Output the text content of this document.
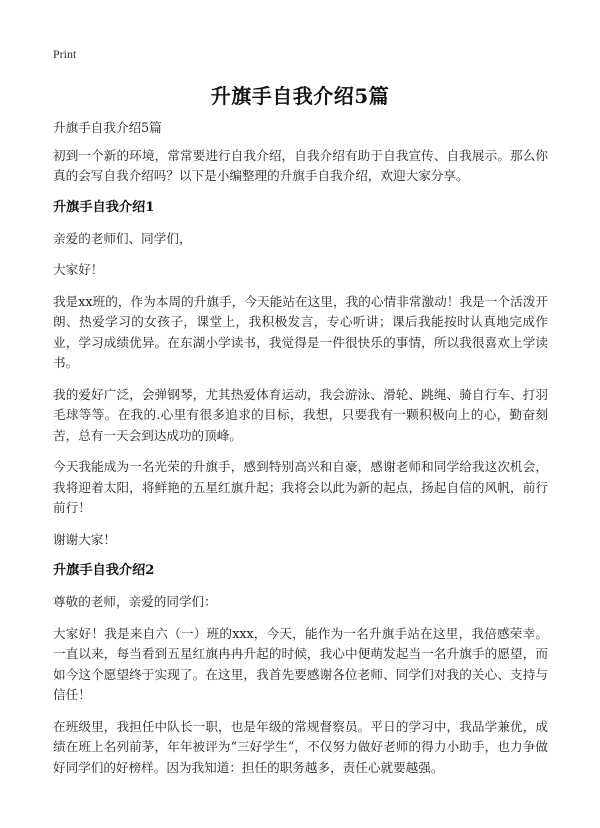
Print
升旗手自我介绍5篇

升旗手自我介绍5篇

初到一个新的环境，常常要进行自我介绍，自我介绍有助于自我宣传、自我展示。那么你真的会写自我介绍吗？以下是小编整理的升旗手自我介绍，欢迎大家分享。

升旗手自我介绍1

亲爱的老师们、同学们，

大家好！

我是xx班的，作为本周的升旗手，今天能站在这里，我的心情非常激动！我是一个活泼开朗、热爱学习的女孩子，课堂上，我积极发言，专心听讲；课后我能按时认真地完成作业，学习成绩优异。在东湖小学读书，我觉得是一件很快乐的事情，所以我很喜欢上学读书。

我的爱好广泛，会弹钢琴，尤其热爱体育运动，我会游泳、滑轮、跳绳、骑自行车、打羽毛球等等。在我的.心里有很多追求的目标，我想，只要我有一颗积极向上的心，勤奋刻苦，总有一天会到达成功的顶峰。

今天我能成为一名光荣的升旗手，感到特别高兴和自豪，感谢老师和同学给我这次机会，我将迎着太阳，将鲜艳的五星红旗升起；我将会以此为新的起点，扬起自信的风帆，前行前行！

谢谢大家！

升旗手自我介绍2

尊敬的老师，亲爱的同学们：

大家好！我是来自六（一）班的xxx，今天，能作为一名升旗手站在这里，我倍感荣幸。一直以来，每当看到五星红旗冉冉升起的时候，我心中便萌发起当一名升旗手的愿望，而如今这个愿望终于实现了。在这里，我首先要感谢各位老师、同学们对我的关心、支持与信任！

在班级里，我担任中队长一职，也是年级的常规督察员。平日的学习中，我品学兼优，成绩在班上名列前茅，年年被评为“三好学生”，不仅努力做好老师的得力小助手，也力争做好同学们的好榜样。因为我知道：担任的职务越多，责任心就要越强。
